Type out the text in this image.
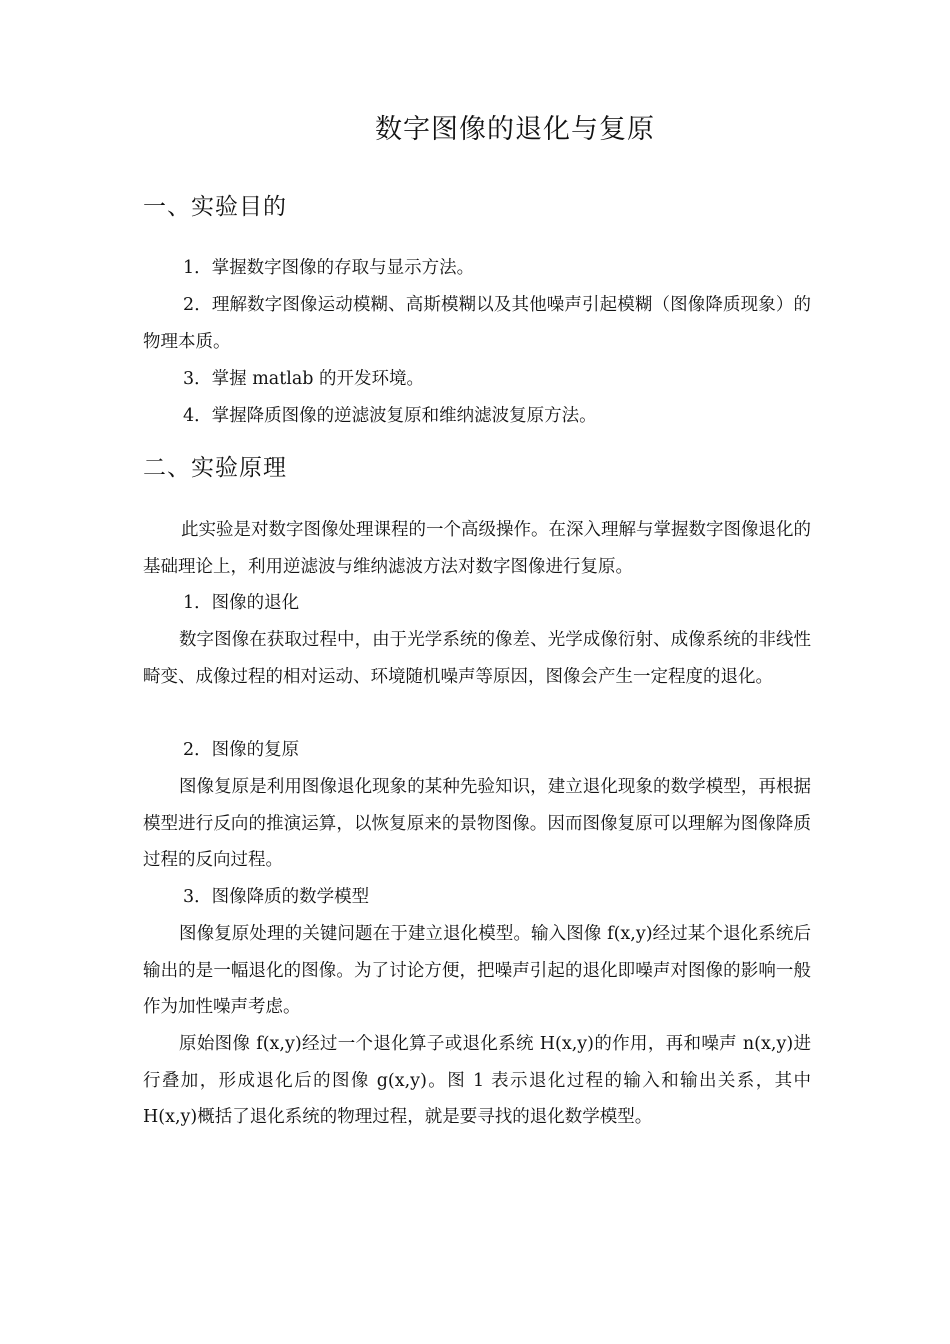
数字图像的退化与复原
一、实验目的

1．掌握数字图像的存取与显示方法。

2．理解数字图像运动模糊、高斯模糊以及其他噪声引起模糊（图像降质现象）的物理本质。

3．掌握 matlab 的开发环境。

4．掌握降质图像的逆滤波复原和维纳滤波复原方法。

二、实验原理

此实验是对数字图像处理课程的一个高级操作。在深入理解与掌握数字图像退化的基础理论上，利用逆滤波与维纳滤波方法对数字图像进行复原。

1．图像的退化

数字图像在获取过程中，由于光学系统的像差、光学成像衍射、成像系统的非线性畸变、成像过程的相对运动、环境随机噪声等原因，图像会产生一定程度的退化。

2．图像的复原

图像复原是利用图像退化现象的某种先验知识，建立退化现象的数学模型，再根据模型进行反向的推演运算，以恢复原来的景物图像。因而图像复原可以理解为图像降质过程的反向过程。

3．图像降质的数学模型

图像复原处理的关键问题在于建立退化模型。输入图像 f(x,y)经过某个退化系统后输出的是一幅退化的图像。为了讨论方便，把噪声引起的退化即噪声对图像的影响一般作为加性噪声考虑。

原始图像 f(x,y)经过一个退化算子或退化系统 H(x,y)的作用，再和噪声 n(x,y)进行叠加，形成退化后的图像 g(x,y)。图 1 表示退化过程的输入和输出关系，其中 H(x,y)概括了退化系统的物理过程，就是要寻找的退化数学模型。
